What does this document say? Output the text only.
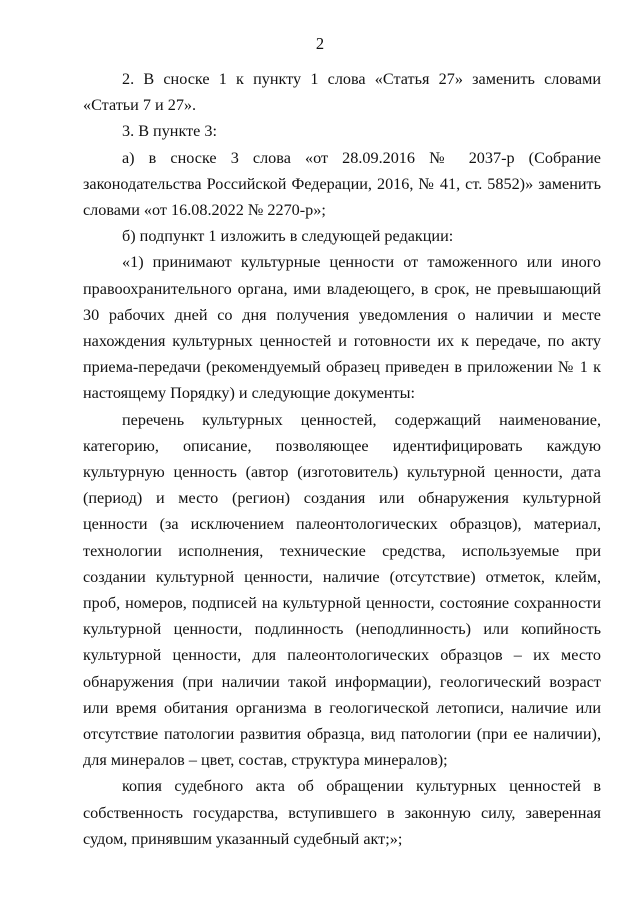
2

2. В сноске 1 к пункту 1 слова «Статья 27» заменить словами «Статьи 7 и 27».

3. В пункте 3:

а) в сноске 3 слова «от 28.09.2016 № 2037-р (Собрание законодательства Российской Федерации, 2016, № 41, ст. 5852)» заменить словами «от 16.08.2022 № 2270-р»;

б) подпункт 1 изложить в следующей редакции:

«1) принимают культурные ценности от таможенного или иного правоохранительного органа, ими владеющего, в срок, не превышающий 30 рабочих дней со дня получения уведомления о наличии и месте нахождения культурных ценностей и готовности их к передаче, по акту приема-передачи (рекомендуемый образец приведен в приложении № 1 к настоящему Порядку) и следующие документы:

перечень культурных ценностей, содержащий наименование, категорию, описание, позволяющее идентифицировать каждую культурную ценность (автор (изготовитель) культурной ценности, дата (период) и место (регион) создания или обнаружения культурной ценности (за исключением палеонтологических образцов), материал, технологии исполнения, технические средства, используемые при создании культурной ценности, наличие (отсутствие) отметок, клейм, проб, номеров, подписей на культурной ценности, состояние сохранности культурной ценности, подлинность (неподлинность) или копийность культурной ценности, для палеонтологических образцов – их место обнаружения (при наличии такой информации), геологический возраст или время обитания организма в геологической летописи, наличие или отсутствие патологии развития образца, вид патологии (при ее наличии), для минералов – цвет, состав, структура минералов);

копия судебного акта об обращении культурных ценностей в собственность государства, вступившего в законную силу, заверенная судом, принявшим указанный судебный акт;»;
